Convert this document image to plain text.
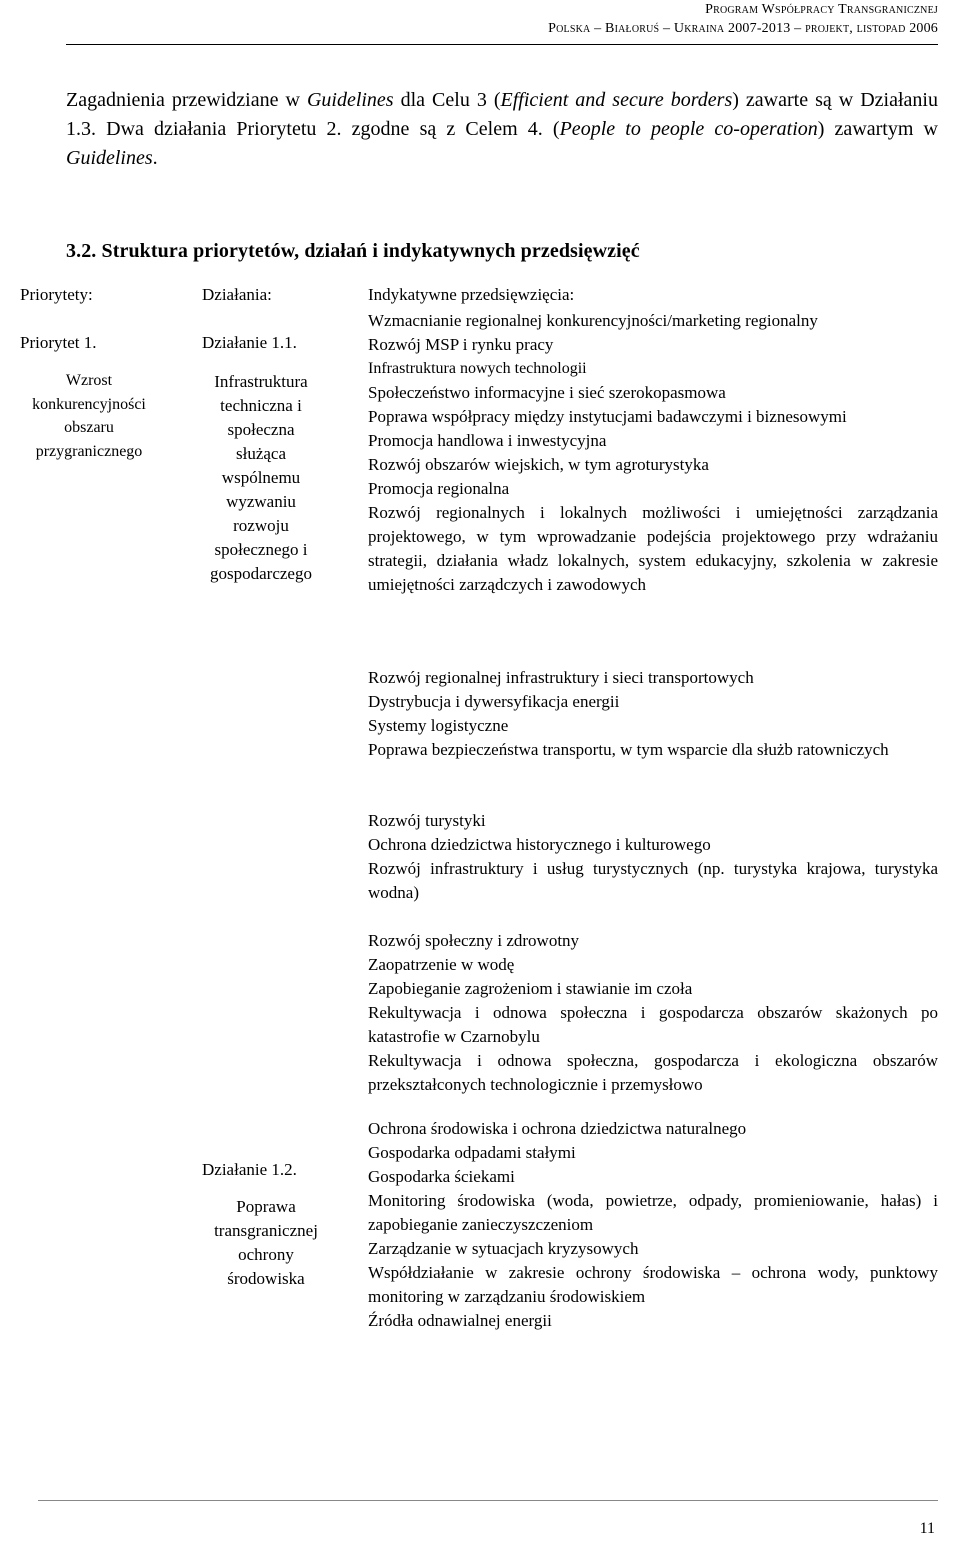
Program Współpracy Transgranicznej
Polska – Białoruś – Ukraina 2007-2013 – projekt, listopad 2006
Zagadnienia przewidziane w Guidelines dla Celu 3 (Efficient and secure borders) zawarte są w Działaniu 1.3. Dwa działania Priorytetu 2. zgodne są z Celem 4. (People to people co-operation) zawartym w Guidelines.
3.2. Struktura priorytetów, działań i indykatywnych przedsięwzięć
Priorytety:	Działania:	Indykatywne przedsięwzięcia:
Priorytet 1.
Wzrost
konkurencyjności
obszaru
przygranicznego
Działanie 1.1.
Infrastruktura
techniczna i
społeczna
służąca
wspólnemu
wyzwaniu
rozwoju
społecznego i
gospodarczego
Działanie 1.2.
Poprawa
transgranicznej
ochrony
środowiska
Wzmacnianie regionalnej konkurencyjności/marketing regionalny
Rozwój MSP i rynku pracy
Infrastruktura nowych technologii
Społeczeństwo informacyjne i sieć szerokopasmowa
Poprawa współpracy między instytucjami badawczymi i biznesowymi
Promocja handlowa i inwestycyjna
Rozwój obszarów wiejskich, w tym agroturystyka
Promocja regionalna
Rozwój regionalnych i lokalnych możliwości i umiejętności zarządzania projektowego, w tym wprowadzanie podejścia projektowego przy wdrażaniu strategii, działania władz lokalnych, system edukacyjny, szkolenia w zakresie umiejętności zarządczych i zawodowych
Rozwój regionalnej infrastruktury i sieci transportowych
Dystrybucja i dywersyfikacja energii
Systemy logistyczne
Poprawa bezpieczeństwa transportu, w tym wsparcie dla służb ratowniczych
Rozwój turystyki
Ochrona dziedzictwa historycznego i kulturowego
Rozwój infrastruktury i usług turystycznych (np. turystyka krajowa, turystyka wodna)
Rozwój społeczny i zdrowotny
Zaopatrzenie w wodę
Zapobieganie zagrożeniom i stawianie im czoła
Rekultywacja i odnowa społeczna i gospodarcza obszarów skażonych po katastrofie w Czarnobylu
Rekultywacja i odnowa społeczna, gospodarcza i ekologiczna obszarów przekształconych technologicznie i przemysłowo
Ochrona środowiska i ochrona dziedzictwa naturalnego
Gospodarka odpadami stałymi
Gospodarka ściekami
Monitoring środowiska (woda, powietrze, odpady, promieniowanie, hałas) i zapobieganie zanieczyszczeniom
Zarządzanie w sytuacjach kryzysowych
Współdziałanie w zakresie ochrony środowiska – ochrona wody, punktowy monitoring w zarządzaniu środowiskiem
Źródła odnawialnej energii
11
